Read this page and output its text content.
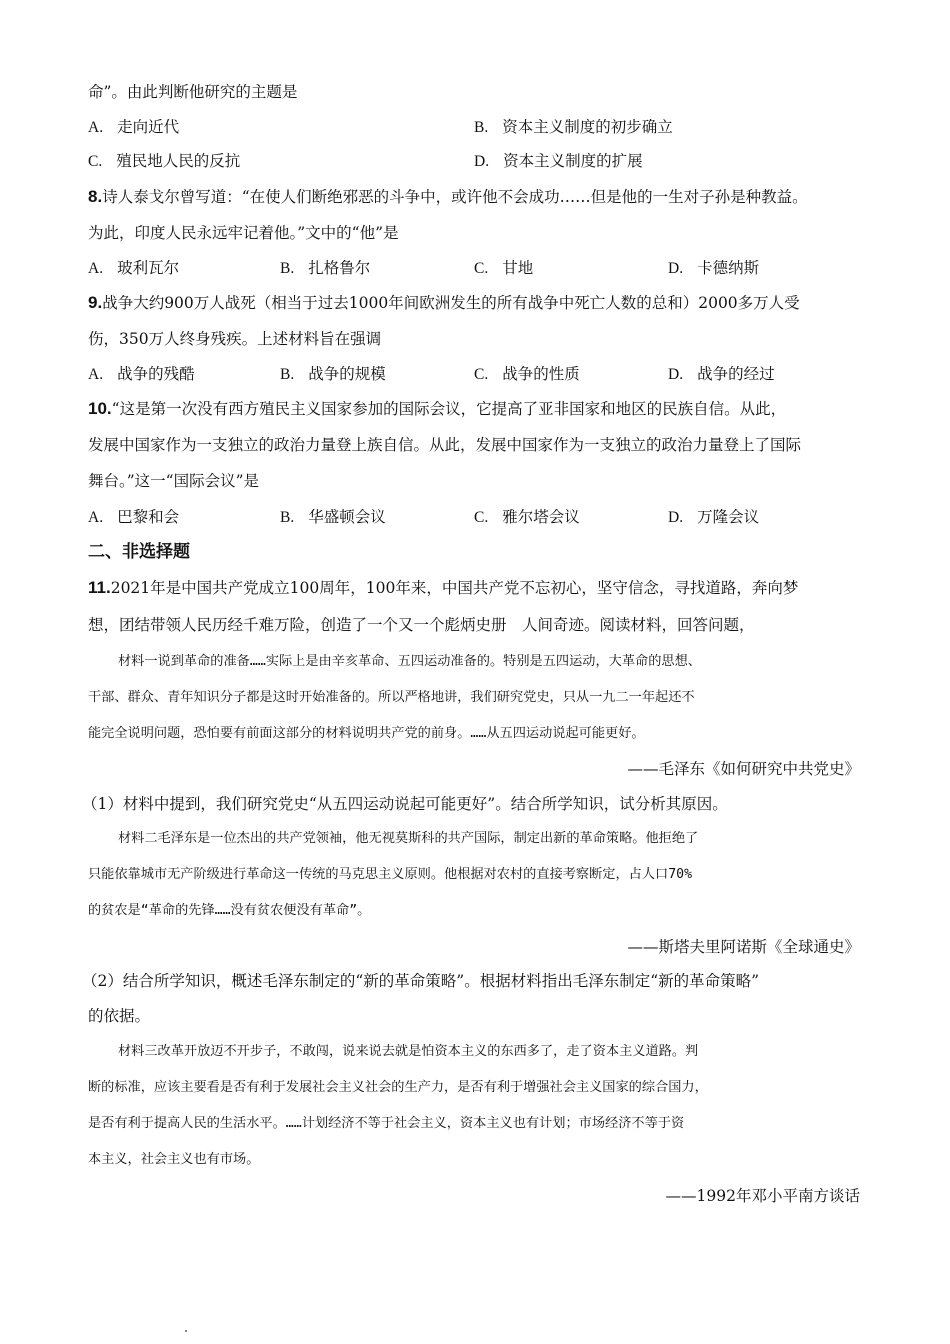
命”。由此判断他研究的主题是
A. 走向近代	B. 资本主义制度的初步确立
C. 殖民地人民的反抗	D. 资本主义制度的扩展
8.诗人泰戈尔曾写道：“在使人们断绝邪恶的斗争中，或许他不会成功……但是他的一生对子孙是种教益。
为此，印度人民永远牢记着他。”文中的“他”是
A. 玻利瓦尔	B. 扎格鲁尔	C. 甘地	D. 卡德纳斯
9.战争大约900万人战死（相当于过去1000年间欧洲发生的所有战争中死亡人数的总和）2000多万人受
伤，350万人终身残疾。上述材料旨在强调
A. 战争的残酷	B. 战争的规模	C. 战争的性质	D. 战争的经过
10.“这是第一次没有西方殖民主义国家参加的国际会议，它提高了亚非国家和地区的民族自信。从此，
发展中国家作为一支独立的政治力量登上族自信。从此，发展中国家作为一支独立的政治力量登上了国际
舞台。”这一“国际会议”是
A. 巴黎和会	B. 华盛顿会议	C. 雅尔塔会议	D. 万隆会议
二、非选择题
11.2021年是中国共产党成立100周年，100年来，中国共产党不忘初心，坚守信念，寻找道路，奔向梦
想，团结带领人民历经千难万险，创造了一个又一个彪炳史册　人间奇迹。阅读材料，回答问题，
材料一说到革命的准备……实际上是由辛亥革命、五四运动准备的。特别是五四运动，大革命的思想、
干部、群众、青年知识分子都是这时开始准备的。所以严格地讲，我们研究党史，只从一九二一年起还不
能完全说明问题，恐怕要有前面这部分的材料说明共产党的前身。……从五四运动说起可能更好。
——毛泽东《如何研究中共党史》
（1）材料中提到，我们研究党史“从五四运动说起可能更好”。结合所学知识，试分析其原因。
材料二毛泽东是一位杰出的共产党领袖，他无视莫斯科的共产国际，制定出新的革命策略。他拒绝了
只能依靠城市无产阶级进行革命这一传统的马克思主义原则。他根据对农村的直接考察断定，占人口70%
的贫农是“革命的先锋……没有贫农便没有革命”。
——斯塔夫里阿诺斯《全球通史》
（2）结合所学知识，概述毛泽东制定的“新的革命策略”。根据材料指出毛泽东制定“新的革命策略”
的依据。
材料三改革开放迈不开步子，不敢闯，说来说去就是怕资本主义的东西多了，走了资本主义道路。判
断的标准，应该主要看是否有利于发展社会主义社会的生产力，是否有利于增强社会主义国家的综合国力，
是否有利于提高人民的生活水平。……计划经济不等于社会主义，资本主义也有计划；市场经济不等于资
本主义，社会主义也有市场。
——1992年邓小平南方谈话
